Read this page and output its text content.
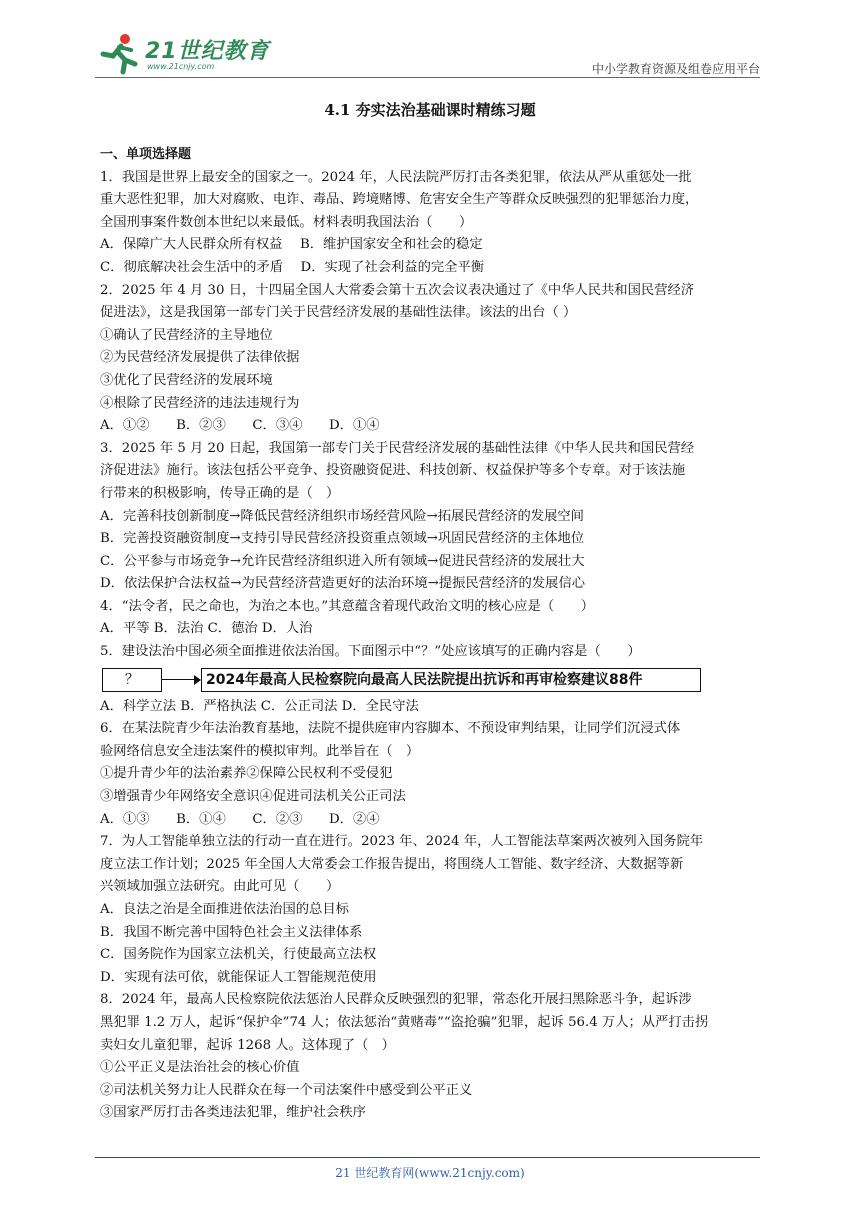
21世纪教育
www.21cnjy.com	中小学教育资源及组卷应用平台
4.1 夯实法治基础课时精练习题

一、单项选择题

1．我国是世界上最安全的国家之一。2024 年，人民法院严厉打击各类犯罪，依法从严从重惩处一批

重大恶性犯罪，加大对腐败、电诈、毒品、跨境赌博、危害安全生产等群众反映强烈的犯罪惩治力度，

全国刑事案件数创本世纪以来最低。材料表明我国法治（　　）

A．保障广大人民群众所有权益　 B．维护国家安全和社会的稳定

C．彻底解决社会生活中的矛盾　 D．实现了社会利益的完全平衡

2．2025 年 4 月 30 日，十四届全国人大常委会第十五次会议表决通过了《中华人民共和国民营经济

促进法》，这是我国第一部专门关于民营经济发展的基础性法律。该法的出台（ ）

①确认了民营经济的主导地位

②为民营经济发展提供了法律依据

③优化了民营经济的发展环境

④根除了民营经济的违法违规行为

A．①②　　B．②③　　C．③④　　D．①④

3．2025 年 5 月 20 日起，我国第一部专门关于民营经济发展的基础性法律《中华人民共和国民营经

济促进法》施行。该法包括公平竞争、投资融资促进、科技创新、权益保护等多个专章。对于该法施

行带来的积极影响，传导正确的是（　）

A．完善科技创新制度→降低民营经济组织市场经营风险→拓展民营经济的发展空间

B．完善投资融资制度→支持引导民营经济投资重点领域→巩固民营经济的主体地位

C．公平参与市场竞争→允许民营经济组织进入所有领域→促进民营经济的发展壮大

D．依法保护合法权益→为民营经济营造更好的法治环境→提振民营经济的发展信心

4．“法令者，民之命也，为治之本也。”其意蕴含着现代政治文明的核心应是（　　）

A．平等 B．法治 C．德治 D．人治

5．建设法治中国必须全面推进依法治国。下面图示中“？”处应该填写的正确内容是（　　）

？	2024年最高人民检察院向最高人民法院提出抗诉和再审检察建议88件

A．科学立法 B．严格执法 C．公正司法 D．全民守法

6．在某法院青少年法治教育基地，法院不提供庭审内容脚本、不预设审判结果，让同学们沉浸式体

验网络信息安全违法案件的模拟审判。此举旨在（　）

①提升青少年的法治素养②保障公民权利不受侵犯

③增强青少年网络安全意识④促进司法机关公正司法

A．①③　　B．①④　　C．②③　　D．②④

7．为人工智能单独立法的行动一直在进行。2023 年、2024 年，人工智能法草案两次被列入国务院年

度立法工作计划；2025 年全国人大常委会工作报告提出，将围绕人工智能、数字经济、大数据等新

兴领域加强立法研究。由此可见（　　）

A．良法之治是全面推进依法治国的总目标

B．我国不断完善中国特色社会主义法律体系

C．国务院作为国家立法机关，行使最高立法权

D．实现有法可依，就能保证人工智能规范使用

8．2024 年，最高人民检察院依法惩治人民群众反映强烈的犯罪，常态化开展扫黑除恶斗争，起诉涉

黑犯罪 1.2 万人，起诉“保护伞”74 人；依法惩治“黄赌毒”“盗抢骗”犯罪，起诉 56.4 万人；从严打击拐

卖妇女儿童犯罪，起诉 1268 人。这体现了（　）

①公平正义是法治社会的核心价值

②司法机关努力让人民群众在每一个司法案件中感受到公平正义

③国家严厉打击各类违法犯罪，维护社会秩序

21 世纪教育网(www.21cnjy.com)
